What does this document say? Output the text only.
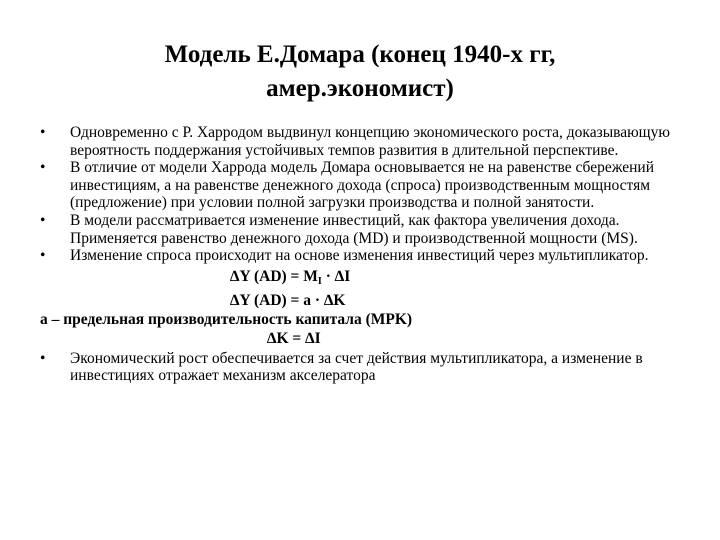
Модель Е.Домара (конец 1940-х гг,
амер.экономист)

•	Одновременно с Р. Харродом выдвинул концепцию экономического роста, доказывающую вероятность поддержания устойчивых темпов развития в длительной перспективе.

•	В отличие от модели Харрода модель Домара основывается не на равенстве сбережений инвестициям, а на равенстве денежного дохода (спроса) производственным мощностям (предложение) при условии полной загрузки производства и полной занятости.

•	В модели рассматривается изменение инвестиций, как фактора увеличения дохода. Применяется равенство денежного дохода (MD) и производственной мощности (MS).

•	Изменение спроса происходит на основе изменения инвестиций через мультипликатор.

∆Y $(AD) = M_I \cdot \Delta I$

∆Y (AD) = a · ∆K

a – предельная производительность капитала (MPK)

∆K = ∆I

•	Экономический рост обеспечивается за счет действия мультипликатора, а изменение в инвестициях отражает механизм акселератора
